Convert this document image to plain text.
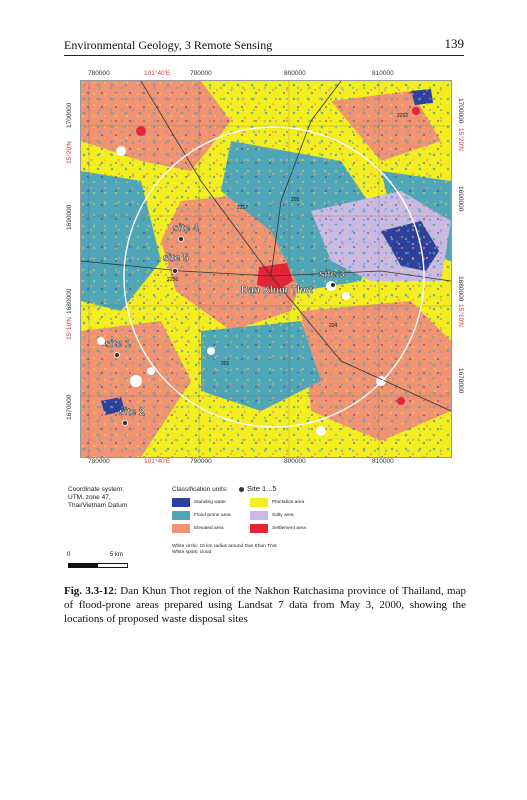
Environmental Geology, 3 Remote Sensing	139
780000	101°40'E	790000	800000	810000
780000	101°40'E	790000	800000	810000
15°20'N
1700000
1690000
15°10'N
1680000
1670000
1700000
15°20'N
1690000
1680000
15°10'N
1670000
site 4
site 5
site 3
site 1
site 2
Dan Khun Thot
2202
205
2217
2256
224
201
Coordinate system:
UTM, zone 47,
Thai/Vietnam Datum
Classification units:	Site 1...5
Standing water	Plantation area
Flood prone area	Salty area
Elevated area	Settlement area
White circle: 15 km radius around Dan Khun Thot
White spots: cloud
0	5 km
Fig. 3.3-12: Dan Khun Thot region of the Nakhon Ratchasima province of Thailand, map of flood-prone areas prepared using Landsat 7 data from May 3, 2000, showing the locations of proposed waste disposal sites
